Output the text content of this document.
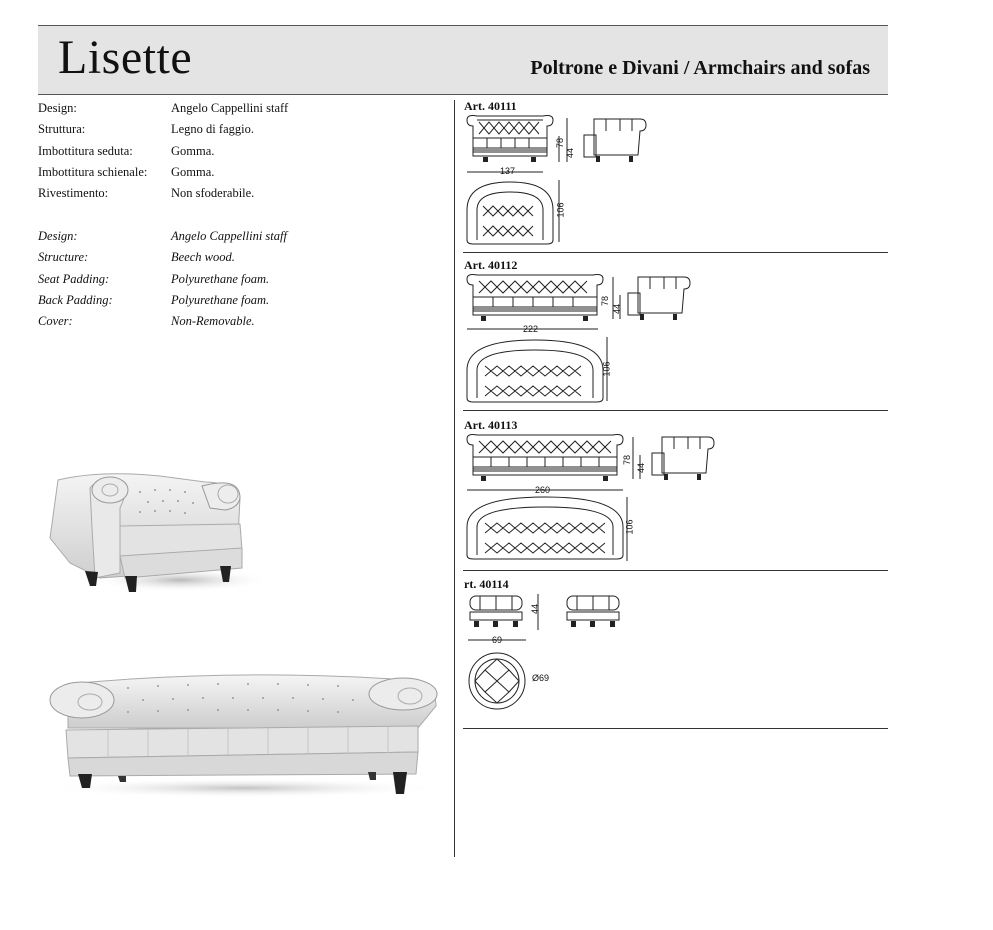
Lisette	Poltrone e Divani / Armchairs and sofas
Design:	Angelo Cappellini staff
Struttura:	Legno di faggio.
Imbottitura seduta:	Gomma.
Imbottitura schienale:	Gomma.
Rivestimento:	Non sfoderabile.
Design:	Angelo Cappellini staff
Structure:	Beech wood.
Seat Padding:	Polyurethane foam.
Back Padding:	Polyurethane foam.
Cover:	Non-Removable.
Art. 40111
78
44
137
106
Art. 40112
78
44
222
106
Art. 40113
78
44
260
106
rt. 40114
44
69
Ø69
